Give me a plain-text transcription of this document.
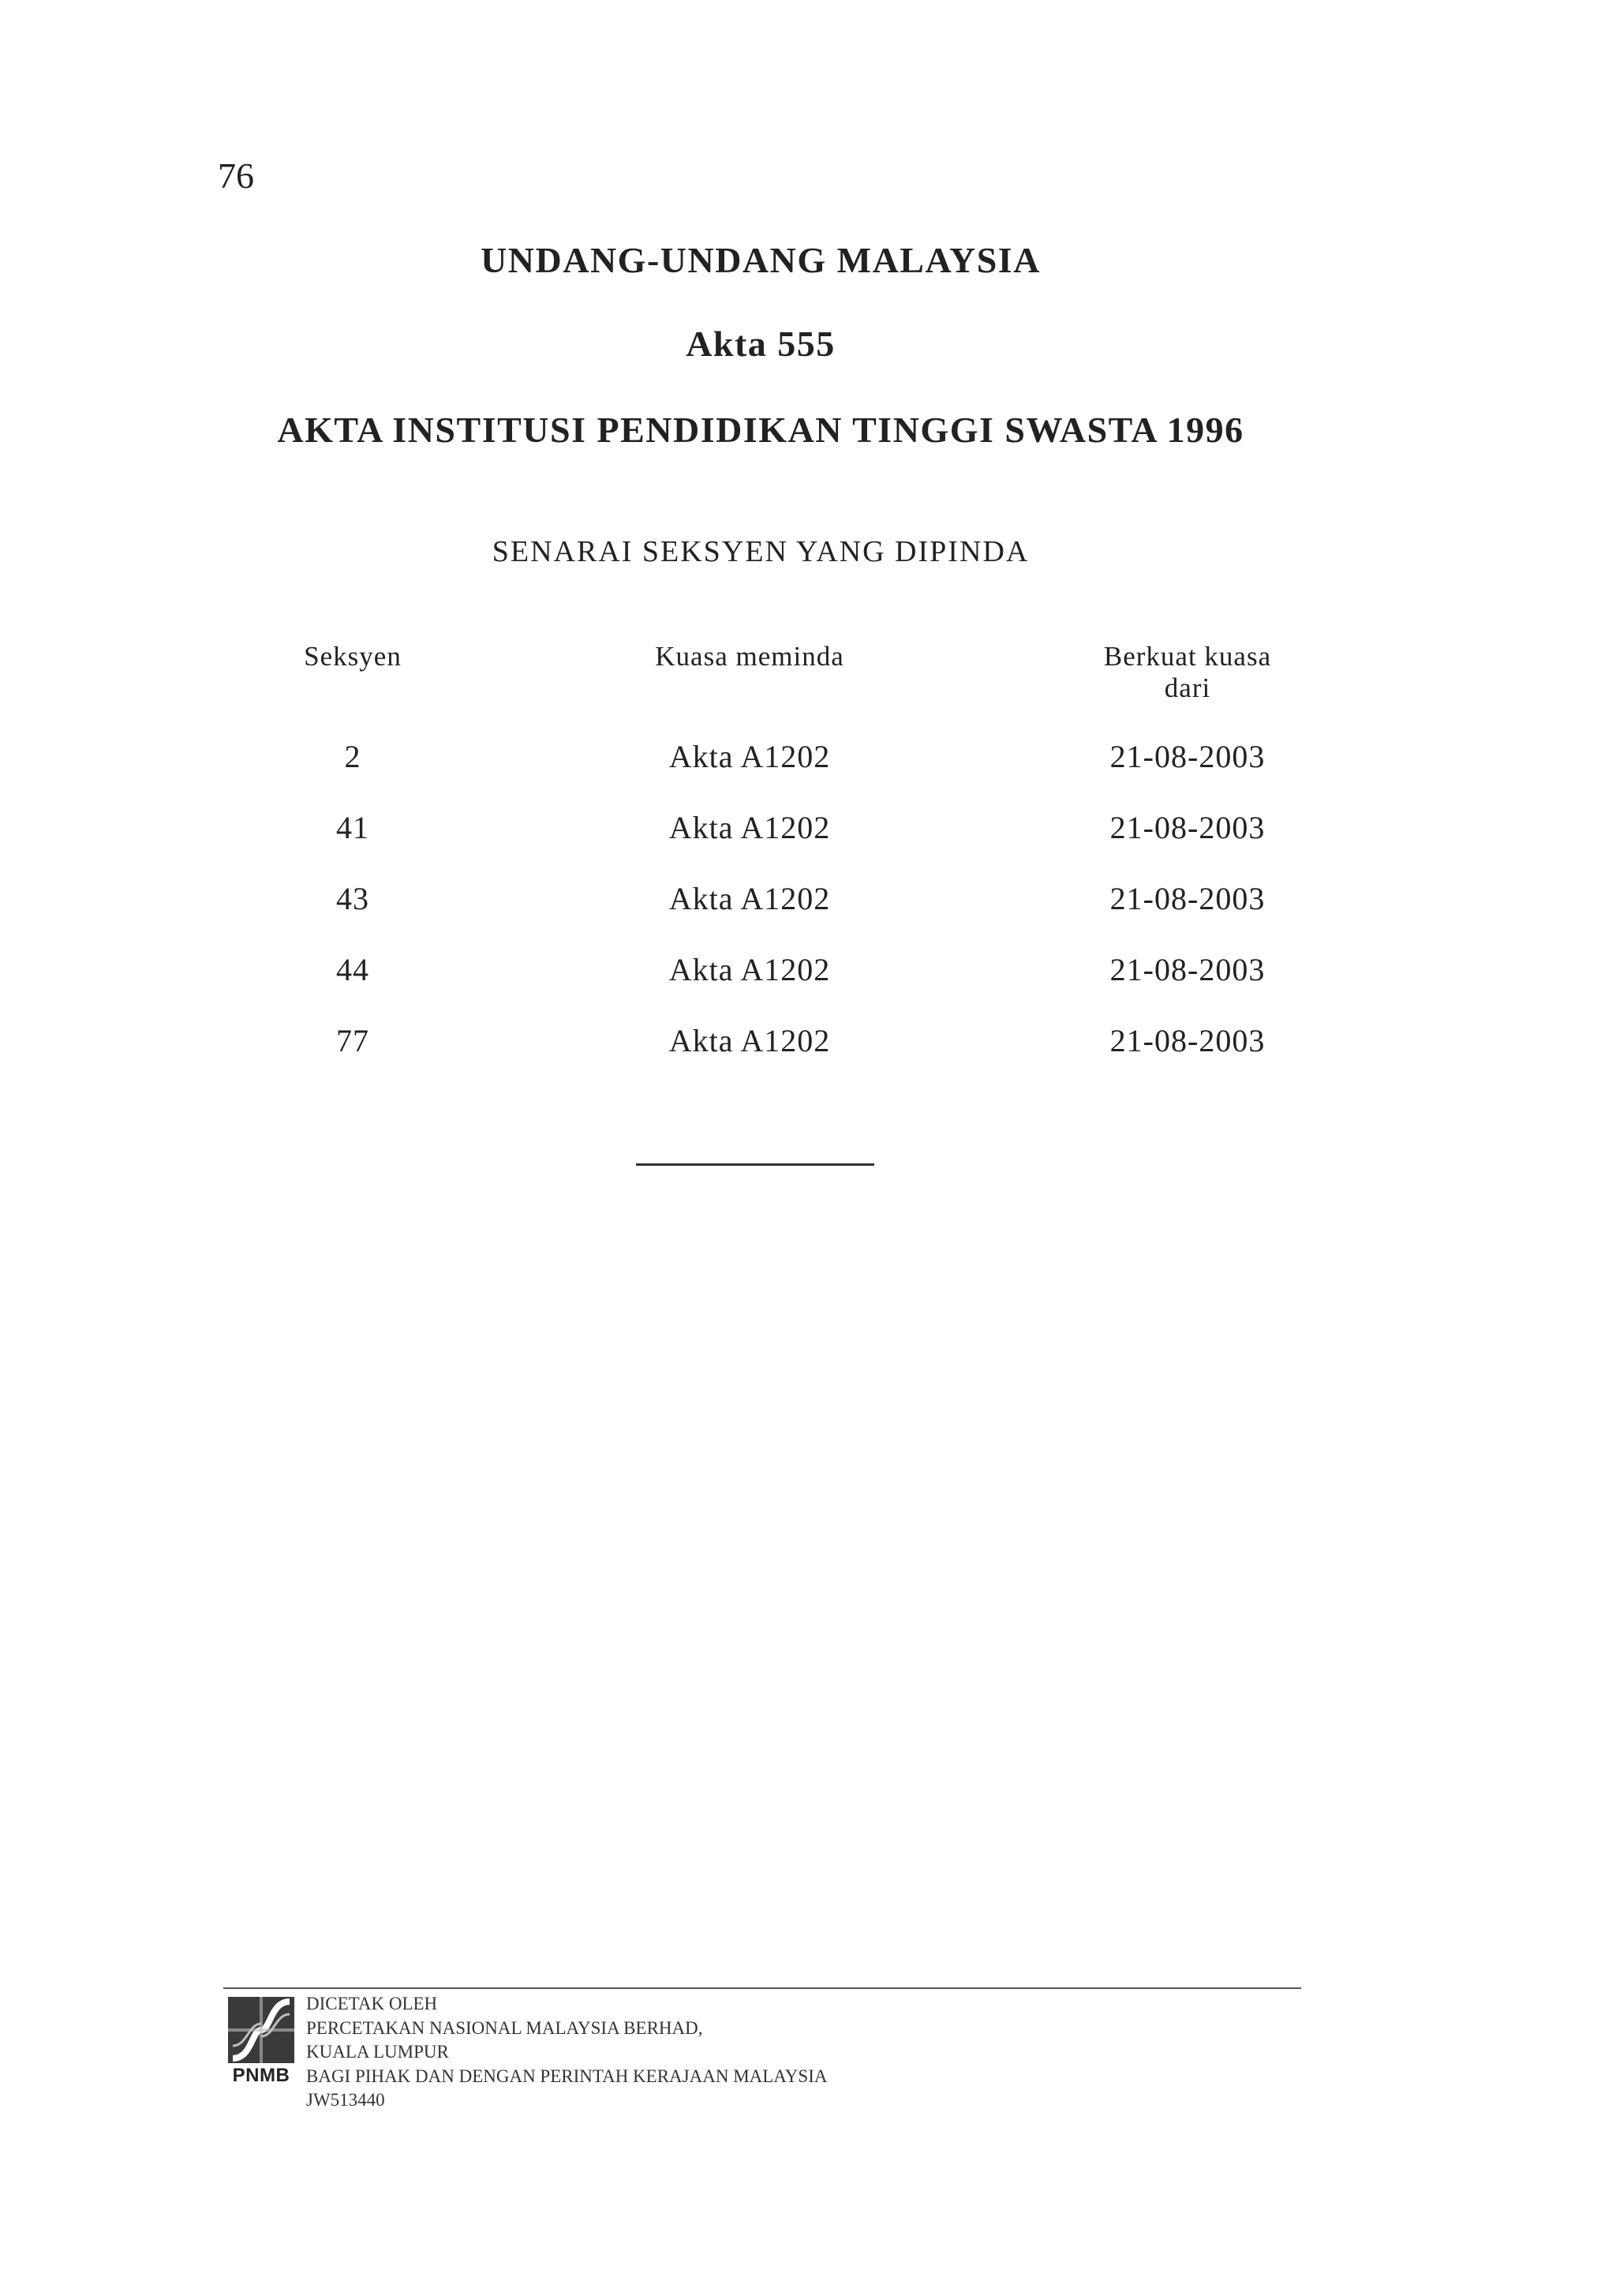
76
UNDANG-UNDANG MALAYSIA
Akta 555
AKTA INSTITUSI PENDIDIKAN TINGGI SWASTA 1996
SENARAI SEKSYEN YANG DIPINDA
Seksyen	Kuasa meminda	Berkuat kuasa
dari
2	Akta A1202	21-08-2003
41	Akta A1202	21-08-2003
43	Akta A1202	21-08-2003
44	Akta A1202	21-08-2003
77	Akta A1202	21-08-2003
PNMB
DICETAK OLEH
PERCETAKAN NASIONAL MALAYSIA BERHAD,
KUALA LUMPUR
BAGI PIHAK DAN DENGAN PERINTAH KERAJAAN MALAYSIA
JW513440
